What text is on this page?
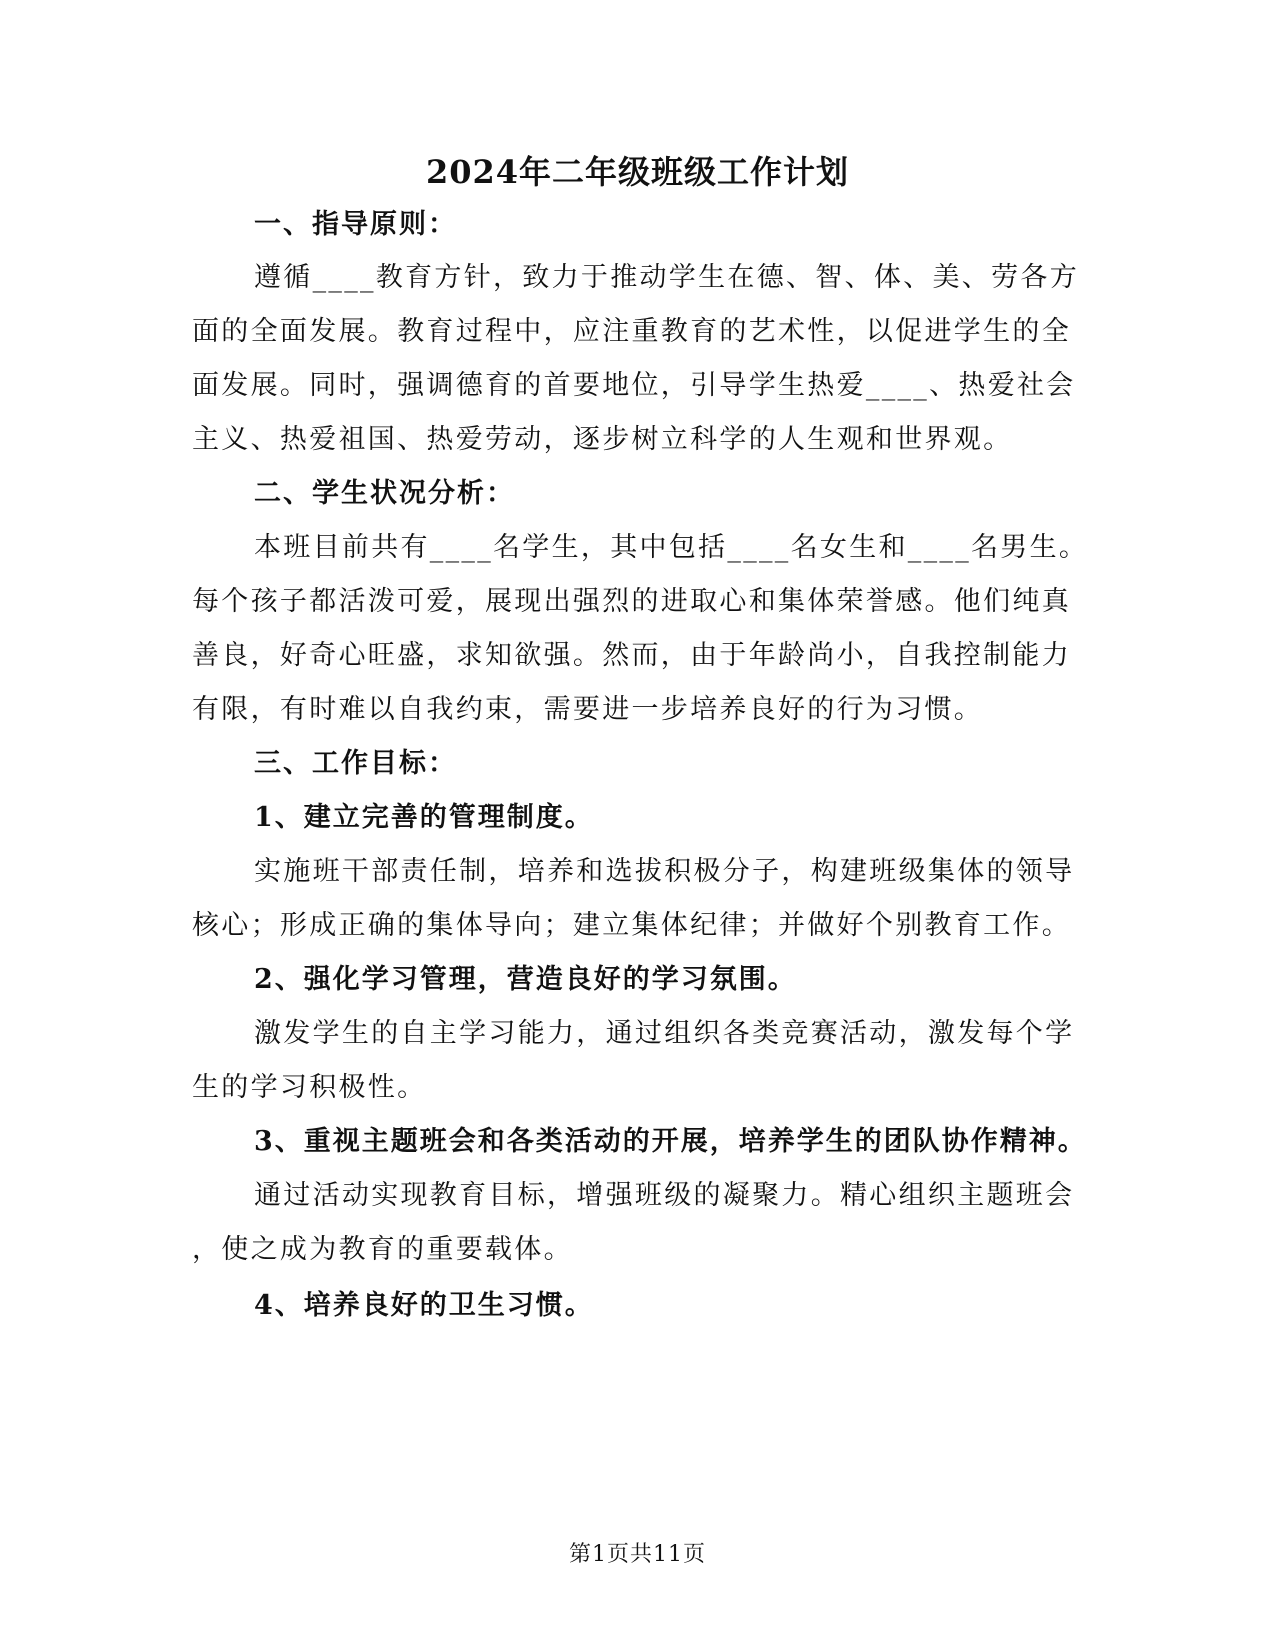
2024年二年级班级工作计划
一、指导原则：
遵循____教育方针，致力于推动学生在德、智、体、美、劳各方
面的全面发展。教育过程中，应注重教育的艺术性，以促进学生的全
面发展。同时，强调德育的首要地位，引导学生热爱____、热爱社会
主义、热爱祖国、热爱劳动，逐步树立科学的人生观和世界观。
二、学生状况分析：
本班目前共有____名学生，其中包括____名女生和____名男生。
每个孩子都活泼可爱，展现出强烈的进取心和集体荣誉感。他们纯真
善良，好奇心旺盛，求知欲强。然而，由于年龄尚小，自我控制能力
有限，有时难以自我约束，需要进一步培养良好的行为习惯。
三、工作目标：
1、建立完善的管理制度。
实施班干部责任制，培养和选拔积极分子，构建班级集体的领导
核心；形成正确的集体导向；建立集体纪律；并做好个别教育工作。
2、强化学习管理，营造良好的学习氛围。
激发学生的自主学习能力，通过组织各类竞赛活动，激发每个学
生的学习积极性。
3、重视主题班会和各类活动的开展，培养学生的团队协作精神。
通过活动实现教育目标，增强班级的凝聚力。精心组织主题班会
，使之成为教育的重要载体。
4、培养良好的卫生习惯。
第1页共11页
